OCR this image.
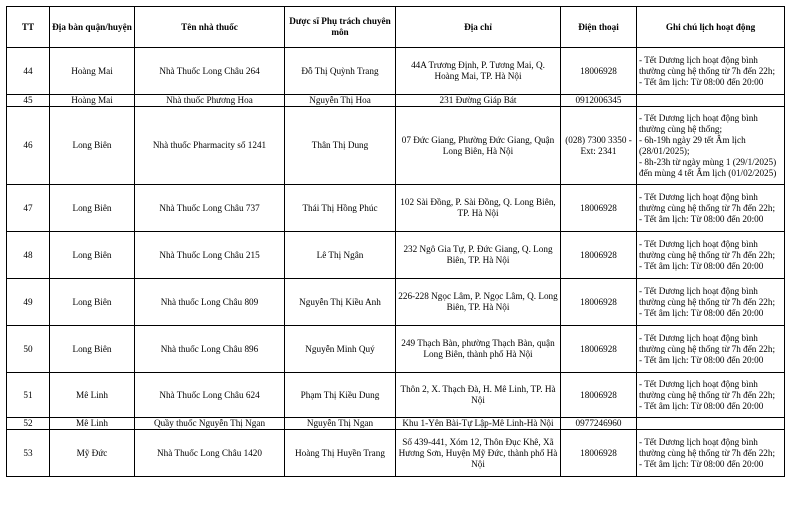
TT	Địa bàn quận/huyện	Tên nhà thuốc	Dược sĩ Phụ trách chuyên môn	Địa chỉ	Điện thoại	Ghi chú lịch hoạt động
44	Hoàng Mai	Nhà Thuốc Long Châu 264	Đỗ Thị Quỳnh Trang	44A Trương Định, P. Tương Mai, Q. Hoàng Mai, TP. Hà Nội	18006928	- Tết Dương lịch hoạt động bình thường cùng hệ thống từ 7h đến 22h;
- Tết âm lịch: Từ 08:00 đến 20:00

45	Hoàng Mai	Nhà thuốc Phương Hoa	Nguyễn Thị Hoa	231 Đường Giáp Bát	0912006345	
46	Long Biên	Nhà thuốc Pharmacity số 1241	Thân Thị Dung	07 Đức Giang, Phường Đức Giang, Quận Long Biên, Hà Nội	(028) 7300 3350 - Ext: 2341	- Tết Dương lịch hoạt động bình thường cùng hệ thống;
- 6h-19h ngày 29 tết Âm lịch (28/01/2025);
- 8h-23h từ ngày mùng 1 (29/1/2025) đến mùng 4 tết Âm lịch (01/02/2025)

47	Long Biên	Nhà Thuốc Long Châu 737	Thái Thị Hồng Phúc	102 Sài Đồng, P. Sài Đồng, Q. Long Biên, TP. Hà Nội	18006928	- Tết Dương lịch hoạt động bình thường cùng hệ thống từ 7h đến 22h;
- Tết âm lịch: Từ 08:00 đến 20:00

48	Long Biên	Nhà Thuốc Long Châu 215	Lê Thị Ngân	232 Ngô Gia Tự, P. Đức Giang, Q. Long Biên, TP. Hà Nội	18006928	- Tết Dương lịch hoạt động bình thường cùng hệ thống từ 7h đến 22h;
- Tết âm lịch: Từ 08:00 đến 20:00

49	Long Biên	Nhà thuốc Long Châu 809	Nguyễn Thị Kiều Anh	226-228 Ngọc Lâm, P. Ngọc Lâm, Q. Long Biên, TP. Hà Nội	18006928	- Tết Dương lịch hoạt động bình thường cùng hệ thống từ 7h đến 22h;
- Tết âm lịch: Từ 08:00 đến 20:00

50	Long Biên	Nhà thuốc Long Châu 896	Nguyễn Minh Quý	249 Thạch Bàn, phường Thạch Bàn, quận Long Biên, thành phố Hà Nội	18006928	- Tết Dương lịch hoạt động bình thường cùng hệ thống từ 7h đến 22h;
- Tết âm lịch: Từ 08:00 đến 20:00

51	Mê Linh	Nhà Thuốc Long Châu 624	Phạm Thị Kiều Dung	Thôn 2, X. Thạch Đà, H. Mê Linh, TP. Hà Nội	18006928	- Tết Dương lịch hoạt động bình thường cùng hệ thống từ 7h đến 22h;
- Tết âm lịch: Từ 08:00 đến 20:00

52	Mê Linh	Quầy thuốc Nguyễn Thị Ngan	Nguyễn Thị Ngan	Khu 1-Yên Bài-Tự Lập-Mê Linh-Hà Nội	0977246960	
53	Mỹ Đức	Nhà Thuốc Long Châu 1420	Hoàng Thị Huyền Trang	Số 439-441, Xóm 12, Thôn Đục Khê, Xã Hương Sơn, Huyện Mỹ Đức, thành phố Hà Nội	18006928	- Tết Dương lịch hoạt động bình thường cùng hệ thống từ 7h đến 22h;
- Tết âm lịch: Từ 08:00 đến 20:00
